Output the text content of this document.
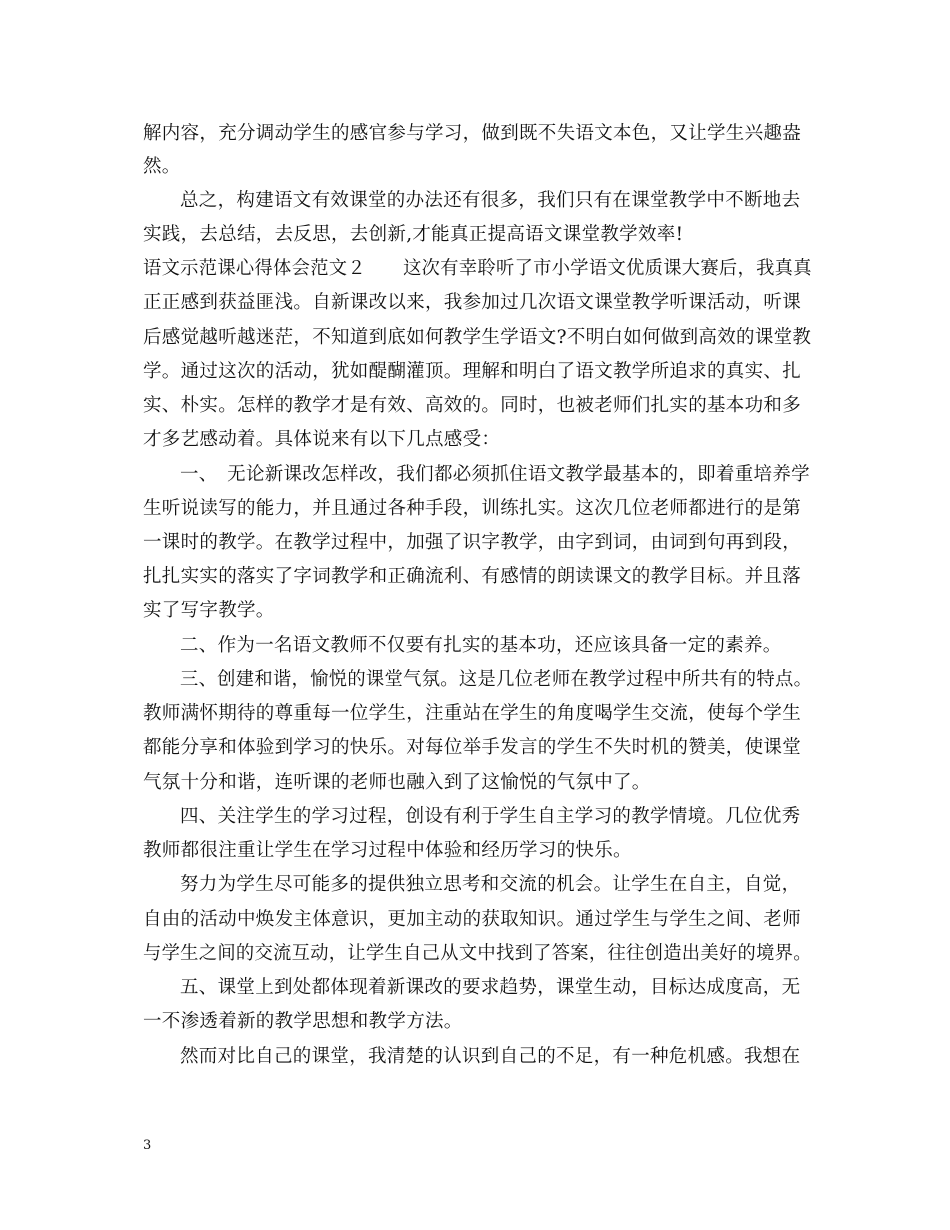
解内容，充分调动学生的感官参与学习，做到既不失语文本色，又让学生兴趣盎
然。
总之，构建语文有效课堂的办法还有很多，我们只有在课堂教学中不断地去
实践，去总结，去反思，去创新,才能真正提高语文课堂教学效率!
语文示范课心得体会范文２　　这次有幸聆听了市小学语文优质课大赛后，我真真
正正感到获益匪浅。自新课改以来，我参加过几次语文课堂教学听课活动，听课
后感觉越听越迷茫，不知道到底如何教学生学语文?不明白如何做到高效的课堂教
学。通过这次的活动，犹如醍醐灌顶。理解和明白了语文教学所追求的真实、扎
实、朴实。怎样的教学才是有效、高效的。同时，也被老师们扎实的基本功和多
才多艺感动着。具体说来有以下几点感受：
一、　无论新课改怎样改，我们都必须抓住语文教学最基本的，即着重培养学
生听说读写的能力，并且通过各种手段，训练扎实。这次几位老师都进行的是第
一课时的教学。在教学过程中，加强了识字教学，由字到词，由词到句再到段，
扎扎实实的落实了字词教学和正确流利、有感情的朗读课文的教学目标。并且落
实了写字教学。
二、作为一名语文教师不仅要有扎实的基本功，还应该具备一定的素养。
三、创建和谐，愉悦的课堂气氛。这是几位老师在教学过程中所共有的特点。
教师满怀期待的尊重每一位学生，注重站在学生的角度喝学生交流，使每个学生
都能分享和体验到学习的快乐。对每位举手发言的学生不失时机的赞美，使课堂
气氛十分和谐，连听课的老师也融入到了这愉悦的气氛中了。
四、关注学生的学习过程，创设有利于学生自主学习的教学情境。几位优秀
教师都很注重让学生在学习过程中体验和经历学习的快乐。
努力为学生尽可能多的提供独立思考和交流的机会。让学生在自主，自觉，
自由的活动中焕发主体意识，更加主动的获取知识。通过学生与学生之间、老师
与学生之间的交流互动，让学生自己从文中找到了答案，往往创造出美好的境界。
五、课堂上到处都体现着新课改的要求趋势，课堂生动，目标达成度高，无
一不渗透着新的教学思想和教学方法。
然而对比自己的课堂，我清楚的认识到自己的不足，有一种危机感。我想在
3
